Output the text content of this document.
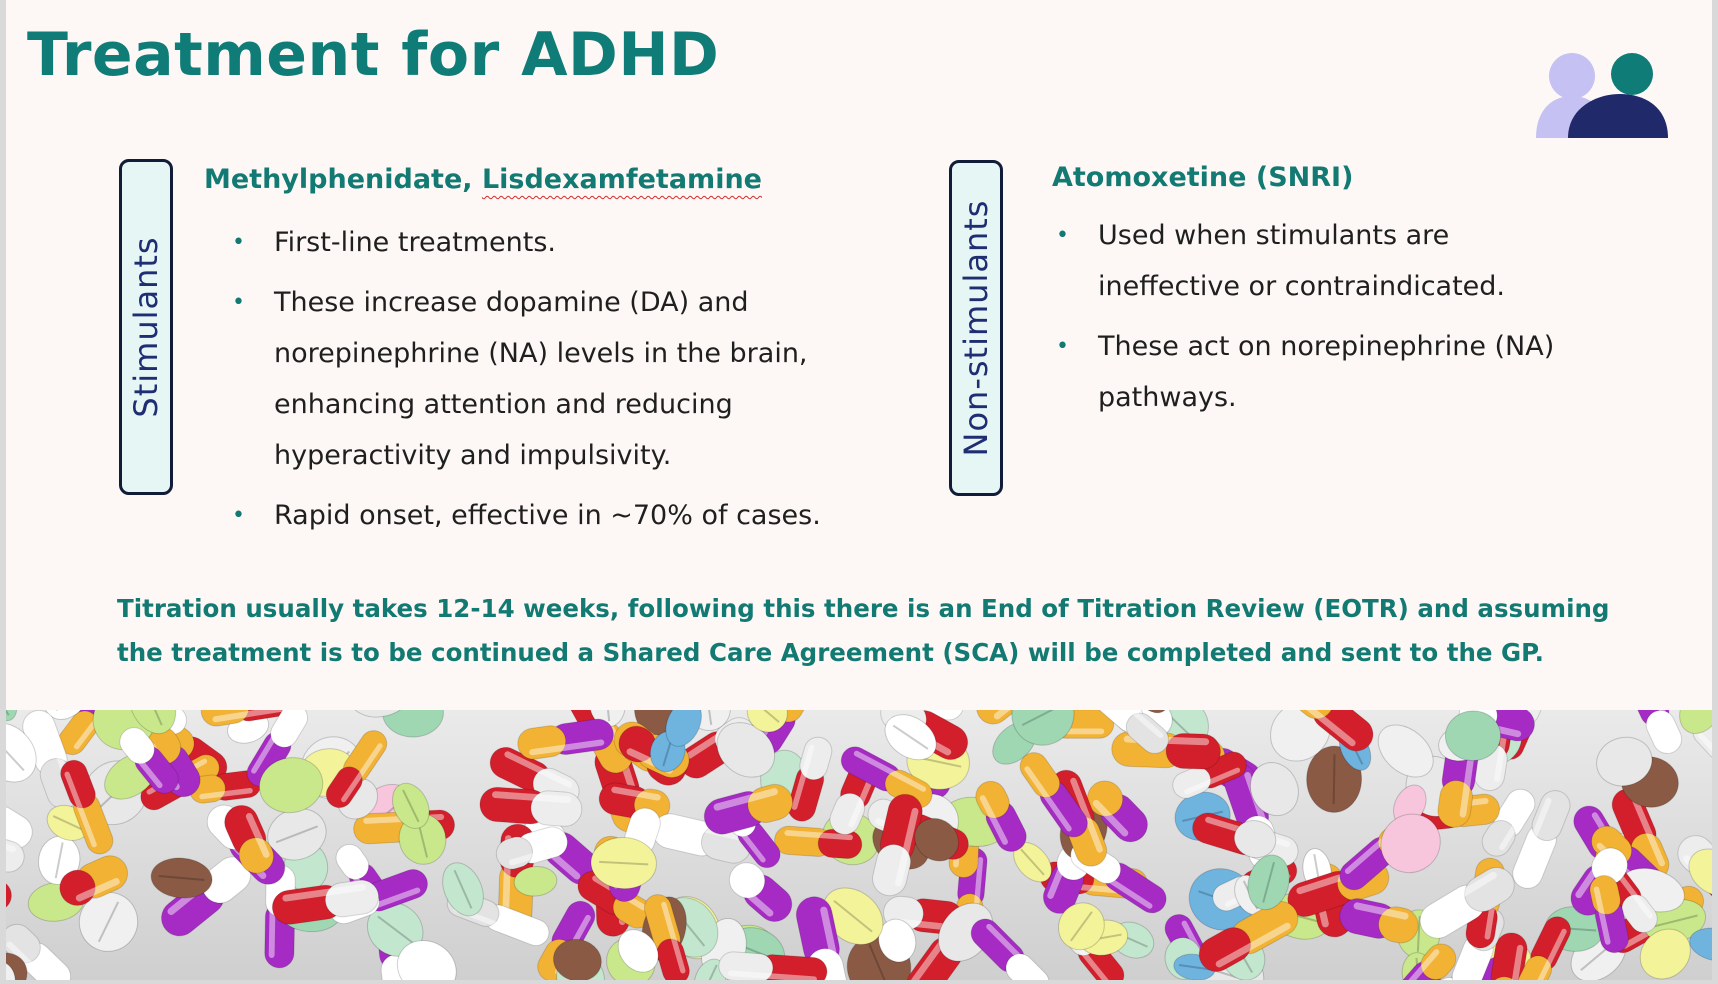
Treatment for ADHD
Stimulants
Methylphenidate, Lisdexamfetamine
• First-line treatments.
• These increase dopamine (DA) and norepinephrine (NA) levels in the brain, enhancing attention and reducing hyperactivity and impulsivity.
• Rapid onset, effective in ~70% of cases.
Non-stimulants
Atomoxetine (SNRI)
• Used when stimulants are ineffective or contraindicated.
• These act on norepinephrine (NA) pathways.

Titration usually takes 12-14 weeks, following this there is an End of Titration Review (EOTR) and assuming the treatment is to be continued a Shared Care Agreement (SCA) will be completed and sent to the GP.
